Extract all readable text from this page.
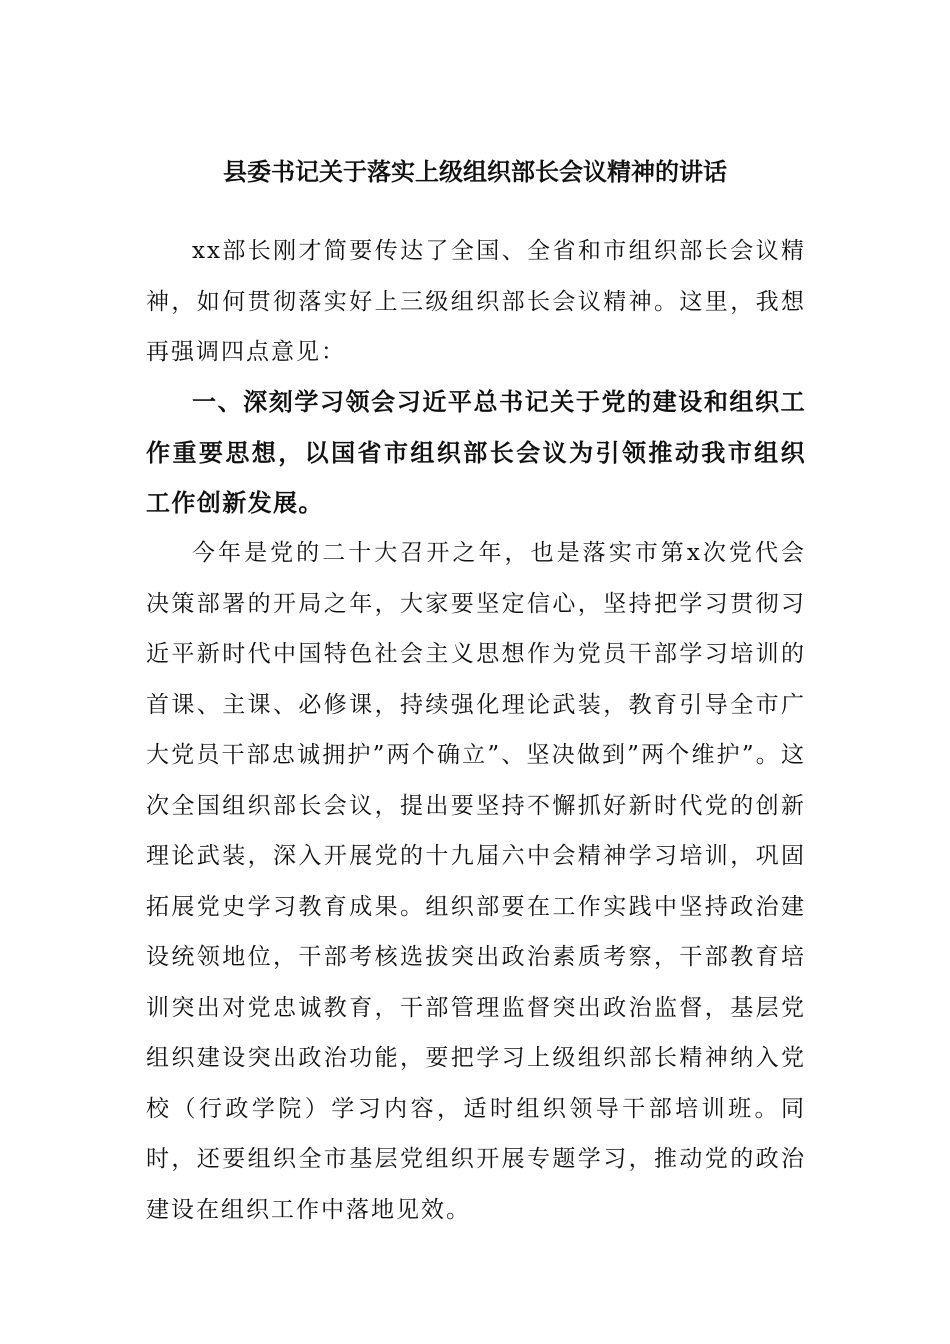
县委书记关于落实上级组织部长会议精神的讲话

xx部长刚才简要传达了全国、全省和市组织部长会议精神，如何贯彻落实好上三级组织部长会议精神。这里，我想再强调四点意见：

一、深刻学习领会习近平总书记关于党的建设和组织工作重要思想，以国省市组织部长会议为引领推动我市组织工作创新发展。

今年是党的二十大召开之年，也是落实市第x次党代会决策部署的开局之年，大家要坚定信心，坚持把学习贯彻习近平新时代中国特色社会主义思想作为党员干部学习培训的首课、主课、必修课，持续强化理论武装，教育引导全市广大党员干部忠诚拥护”两个确立”、坚决做到”两个维护”。这次全国组织部长会议，提出要坚持不懈抓好新时代党的创新理论武装，深入开展党的十九届六中会精神学习培训，巩固拓展党史学习教育成果。组织部要在工作实践中坚持政治建设统领地位，干部考核选拔突出政治素质考察，干部教育培训突出对党忠诚教育，干部管理监督突出政治监督，基层党组织建设突出政治功能，要把学习上级组织部长精神纳入党校（行政学院）学习内容，适时组织领导干部培训班。同时，还要组织全市基层党组织开展专题学习，推动党的政治建设在组织工作中落地见效。
